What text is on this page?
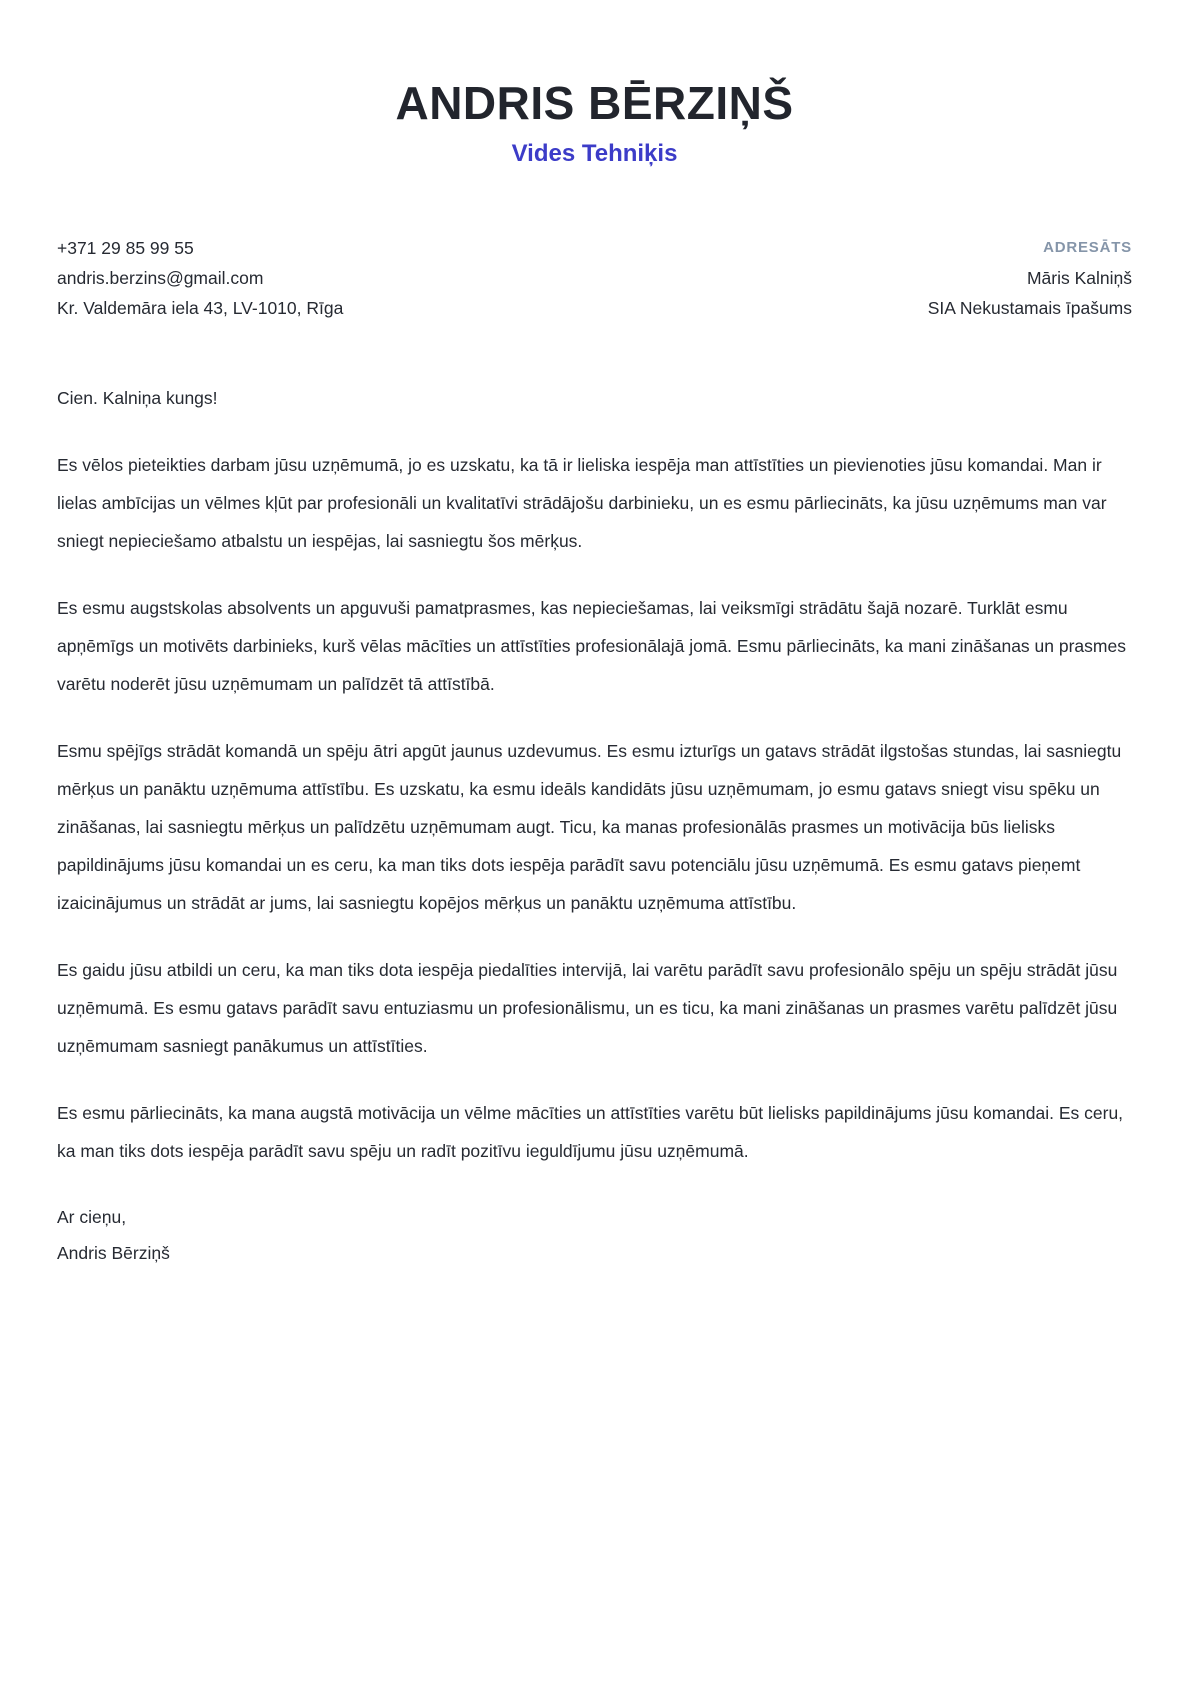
ANDRIS BĒRZIŅŠ
Vides Tehniķis
+371 29 85 99 55
andris.berzins@gmail.com
Kr. Valdemāra iela 43, LV-1010, Rīga
ADRESĀTS
Māris Kalniņš
SIA Nekustamais īpašums
Cien. Kalniņa kungs!

Es vēlos pieteikties darbam jūsu uzņēmumā, jo es uzskatu, ka tā ir lieliska iespēja man attīstīties un pievienoties jūsu komandai. Man ir lielas ambīcijas un vēlmes kļūt par profesionāli un kvalitatīvi strādājošu darbinieku, un es esmu pārliecināts, ka jūsu uzņēmums man var sniegt nepieciešamo atbalstu un iespējas, lai sasniegtu šos mērķus.

Es esmu augstskolas absolvents un apguvuši pamatprasmes, kas nepieciešamas, lai veiksmīgi strādātu šajā nozarē. Turklāt esmu apņēmīgs un motivēts darbinieks, kurš vēlas mācīties un attīstīties profesionālajā jomā. Esmu pārliecināts, ka mani zināšanas un prasmes varētu noderēt jūsu uzņēmumam un palīdzēt tā attīstībā.

Esmu spējīgs strādāt komandā un spēju ātri apgūt jaunus uzdevumus. Es esmu izturīgs un gatavs strādāt ilgstošas stundas, lai sasniegtu mērķus un panāktu uzņēmuma attīstību. Es uzskatu, ka esmu ideāls kandidāts jūsu uzņēmumam, jo esmu gatavs sniegt visu spēku un zināšanas, lai sasniegtu mērķus un palīdzētu uzņēmumam augt. Ticu, ka manas profesionālās prasmes un motivācija būs lielisks papildinājums jūsu komandai un es ceru, ka man tiks dots iespēja parādīt savu potenciālu jūsu uzņēmumā. Es esmu gatavs pieņemt izaicinājumus un strādāt ar jums, lai sasniegtu kopējos mērķus un panāktu uzņēmuma attīstību.

Es gaidu jūsu atbildi un ceru, ka man tiks dota iespēja piedalīties intervijā, lai varētu parādīt savu profesionālo spēju un spēju strādāt jūsu uzņēmumā. Es esmu gatavs parādīt savu entuziasmu un profesionālismu, un es ticu, ka mani zināšanas un prasmes varētu palīdzēt jūsu uzņēmumam sasniegt panākumus un attīstīties.

Es esmu pārliecināts, ka mana augstā motivācija un vēlme mācīties un attīstīties varētu būt lielisks papildinājums jūsu komandai. Es ceru, ka man tiks dots iespēja parādīt savu spēju un radīt pozitīvu ieguldījumu jūsu uzņēmumā.

Ar cieņu,
Andris Bērziņš
